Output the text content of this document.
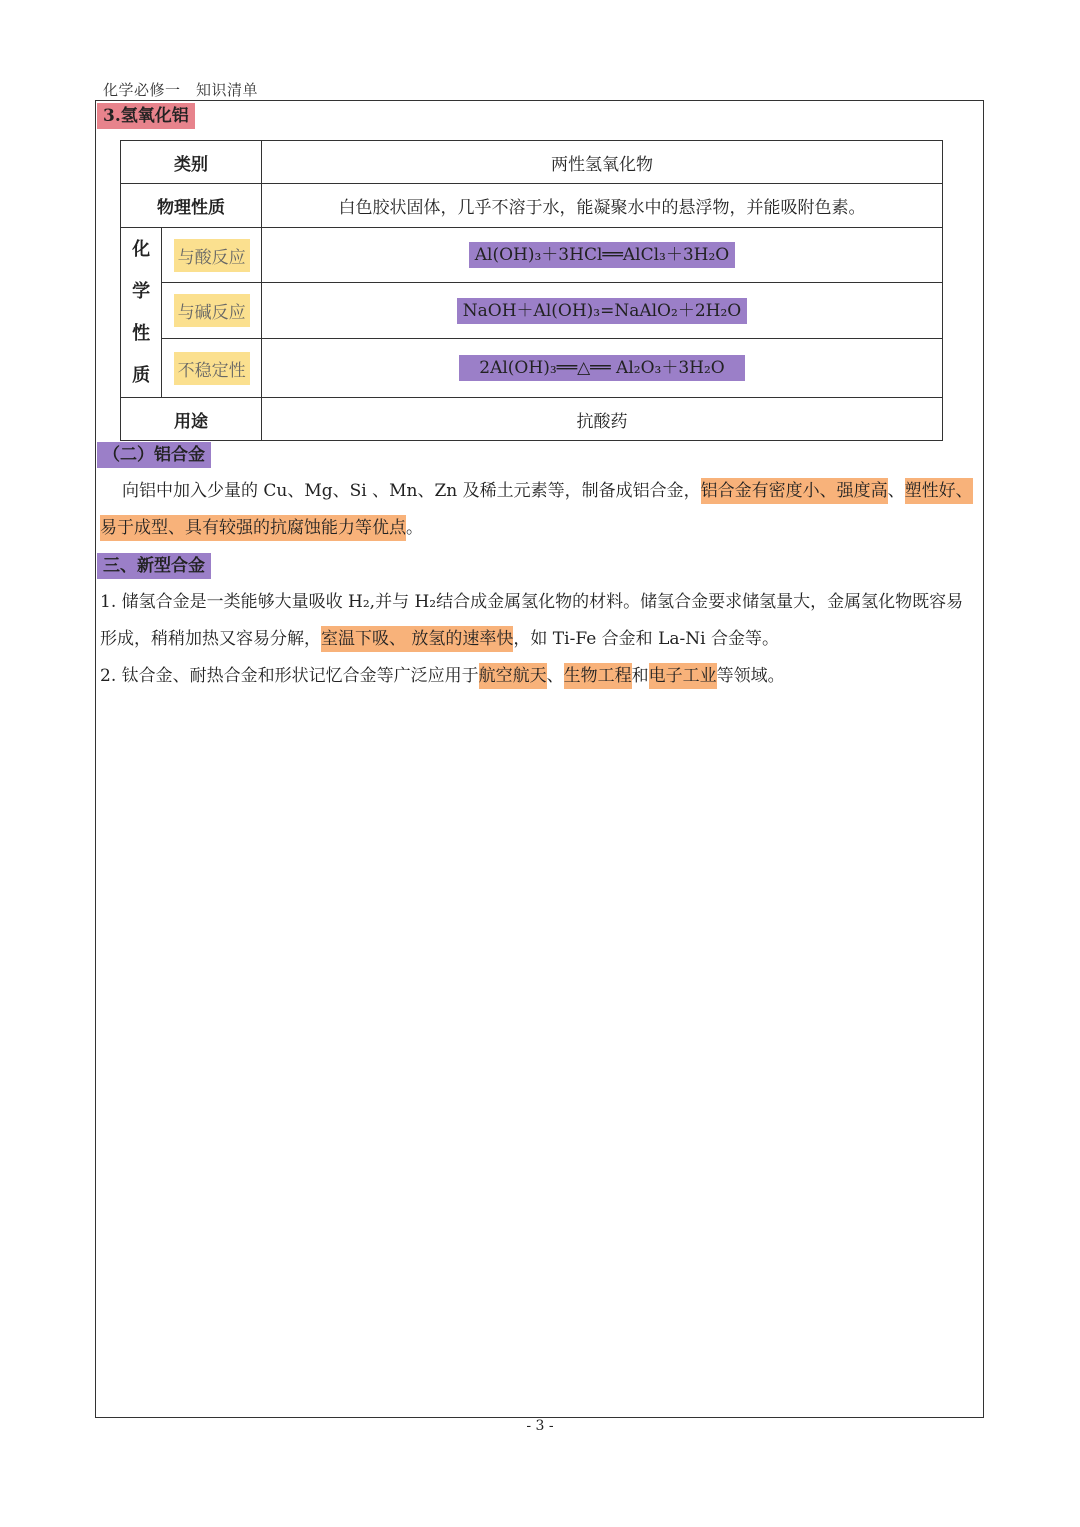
化学必修一　知识清单
3.氢氧化铝
类别		两性氢氧化物
物理性质		白色胶状固体，几乎不溶于水，能凝聚水中的悬浮物，并能吸附色素。

化
学
性
质	与酸反应	Al(OH)₃＋3HCl══AlCl₃＋3H₂O
	与碱反应	NaOH＋Al(OH)₃=NaAlO₂＋2H₂O
	不稳定性	2Al(OH)₃══△══ Al₂O₃＋3H₂O
用途		抗酸药
（二）铝合金
向铝中加入少量的 Cu、Mg、Si 、Mn、Zn 及稀土元素等，制备成铝合金，铝合金有密度小、强度高、塑性好、易于成型、具有较强的抗腐蚀能力等优点。
三、新型合金
1. 储氢合金是一类能够大量吸收 H₂,并与 H₂结合成金属氢化物的材料。储氢合金要求储氢量大，金属氢化物既容易形成，稍稍加热又容易分解，室温下吸、 放氢的速率快，如 Ti-Fe 合金和 La-Ni 合金等。
2. 钛合金、耐热合金和形状记忆合金等广泛应用于航空航天、生物工程和电子工业等领域。
- 3 -
